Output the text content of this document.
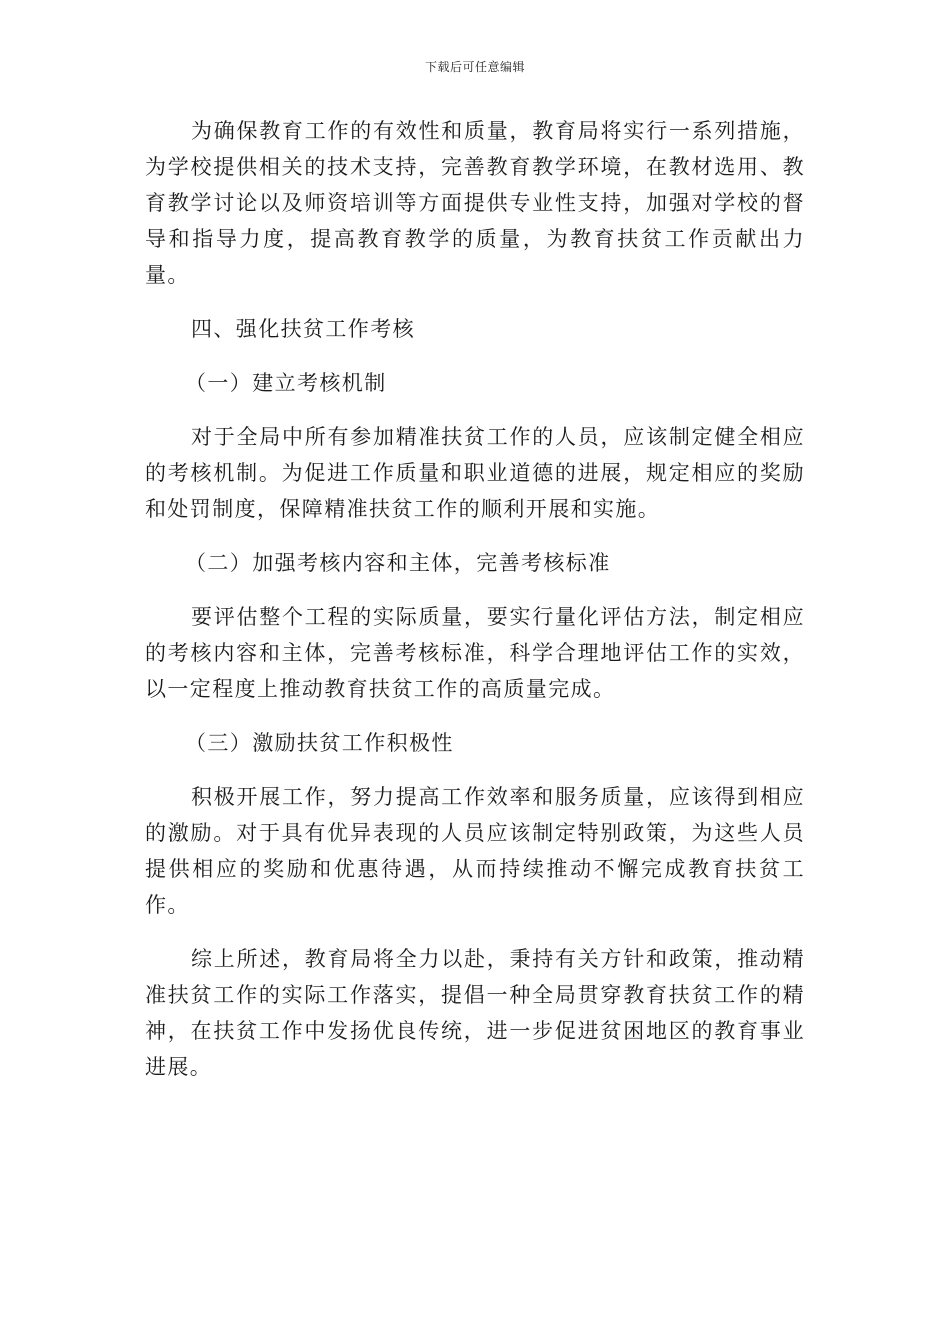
下载后可任意编辑

为确保教育工作的有效性和质量，教育局将实行一系列措施，为学校提供相关的技术支持，完善教育教学环境，在教材选用、教育教学讨论以及师资培训等方面提供专业性支持，加强对学校的督导和指导力度，提高教育教学的质量，为教育扶贫工作贡献出力量。

四、强化扶贫工作考核

（一）建立考核机制

对于全局中所有参加精准扶贫工作的人员，应该制定健全相应的考核机制。为促进工作质量和职业道德的进展，规定相应的奖励和处罚制度，保障精准扶贫工作的顺利开展和实施。

（二）加强考核内容和主体，完善考核标准

要评估整个工程的实际质量，要实行量化评估方法，制定相应的考核内容和主体，完善考核标准，科学合理地评估工作的实效，以一定程度上推动教育扶贫工作的高质量完成。

（三）激励扶贫工作积极性

积极开展工作，努力提高工作效率和服务质量，应该得到相应的激励。对于具有优异表现的人员应该制定特别政策，为这些人员提供相应的奖励和优惠待遇，从而持续推动不懈完成教育扶贫工作。

综上所述，教育局将全力以赴，秉持有关方针和政策，推动精准扶贫工作的实际工作落实，提倡一种全局贯穿教育扶贫工作的精神，在扶贫工作中发扬优良传统，进一步促进贫困地区的教育事业进展。
